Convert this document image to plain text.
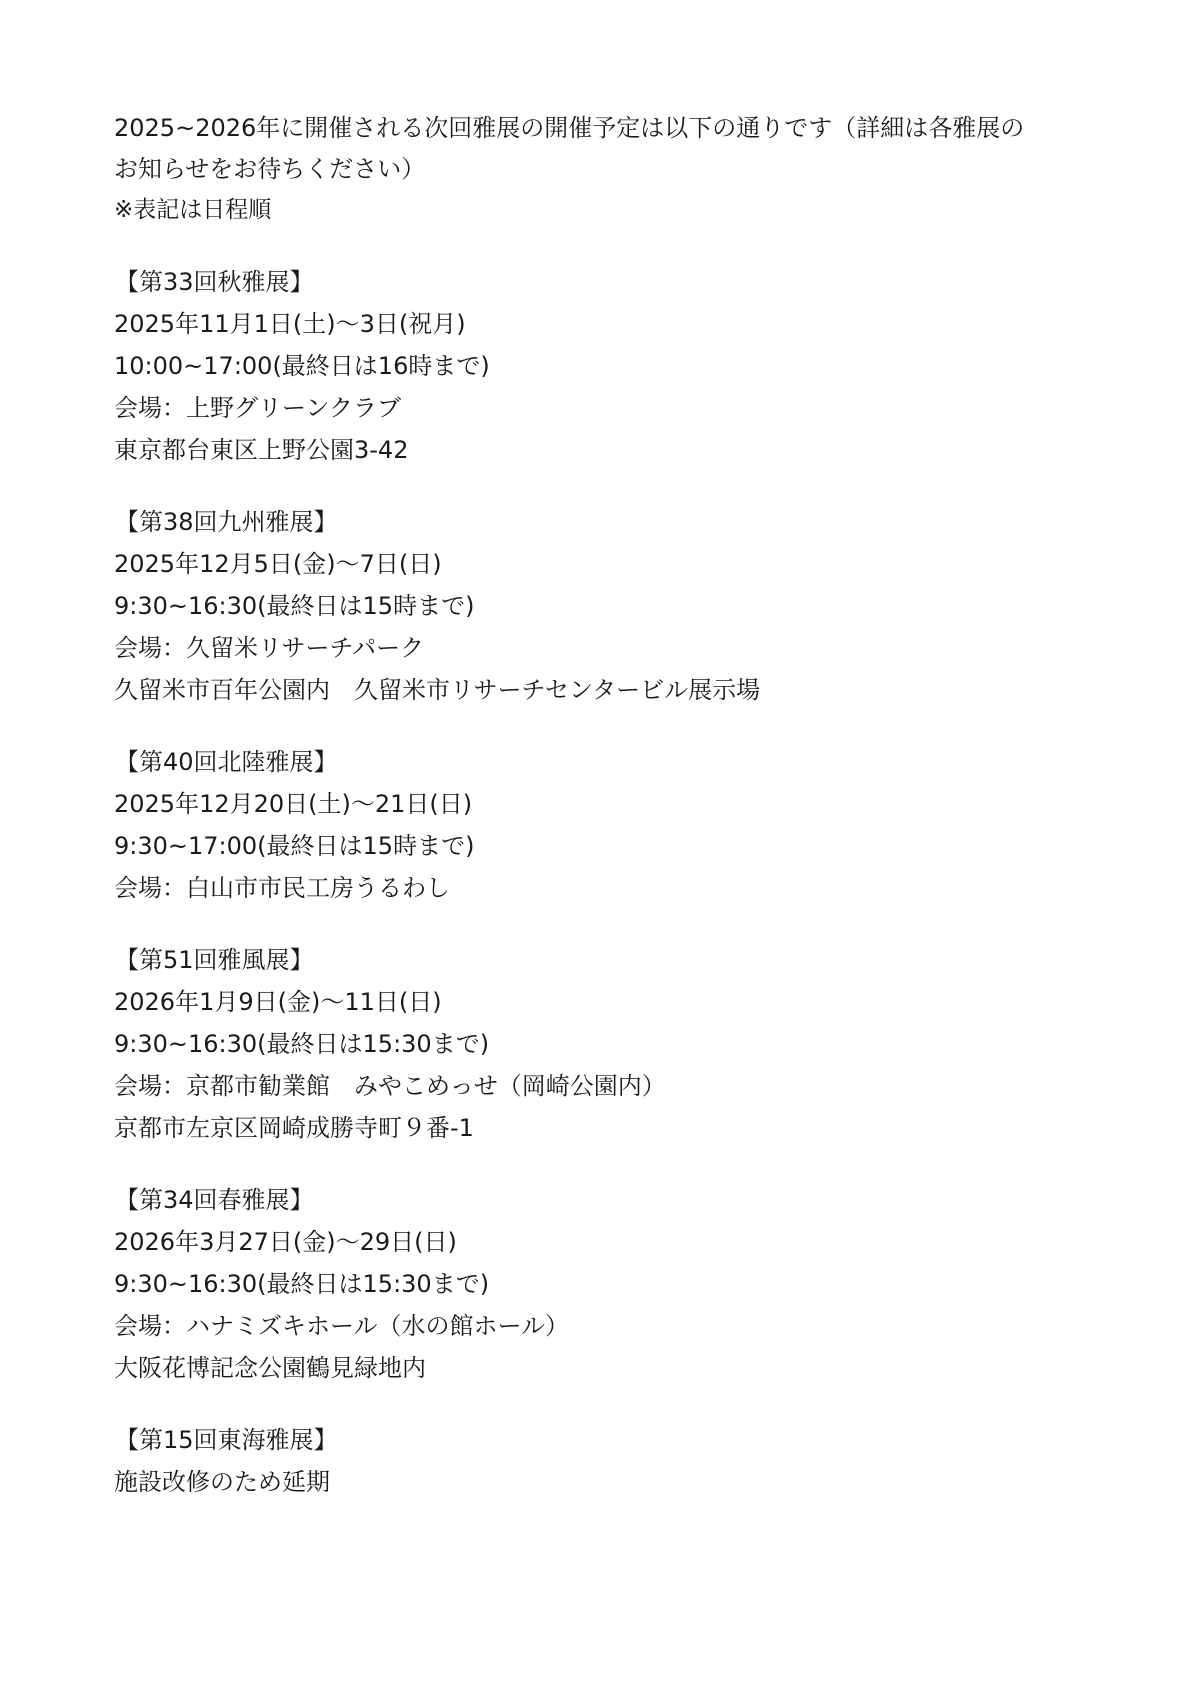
2025~2026年に開催される次回雅展の開催予定は以下の通りです（詳細は各雅展の
お知らせをお待ちください）
※表記は日程順
【第33回秋雅展】
2025年11月1日(土)〜3日(祝月)
10:00~17:00(最終日は16時まで)
会場：上野グリーンクラブ
東京都台東区上野公園3-42
【第38回九州雅展】
2025年12月5日(金)〜7日(日)
9:30~16:30(最終日は15時まで)
会場：久留米リサーチパーク
久留米市百年公園内　久留米市リサーチセンタービル展示場
【第40回北陸雅展】
2025年12月20日(土)〜21日(日)
9:30~17:00(最終日は15時まで)
会場：白山市市民工房うるわし
【第51回雅風展】
2026年1月9日(金)〜11日(日)
9:30~16:30(最終日は15:30まで)
会場：京都市勧業館　みやこめっせ（岡崎公園内）
京都市左京区岡崎成勝寺町９番-1
【第34回春雅展】
2026年3月27日(金)〜29日(日)
9:30~16:30(最終日は15:30まで)
会場：ハナミズキホール（水の館ホール）
大阪花博記念公園鶴見緑地内
【第15回東海雅展】
施設改修のため延期
